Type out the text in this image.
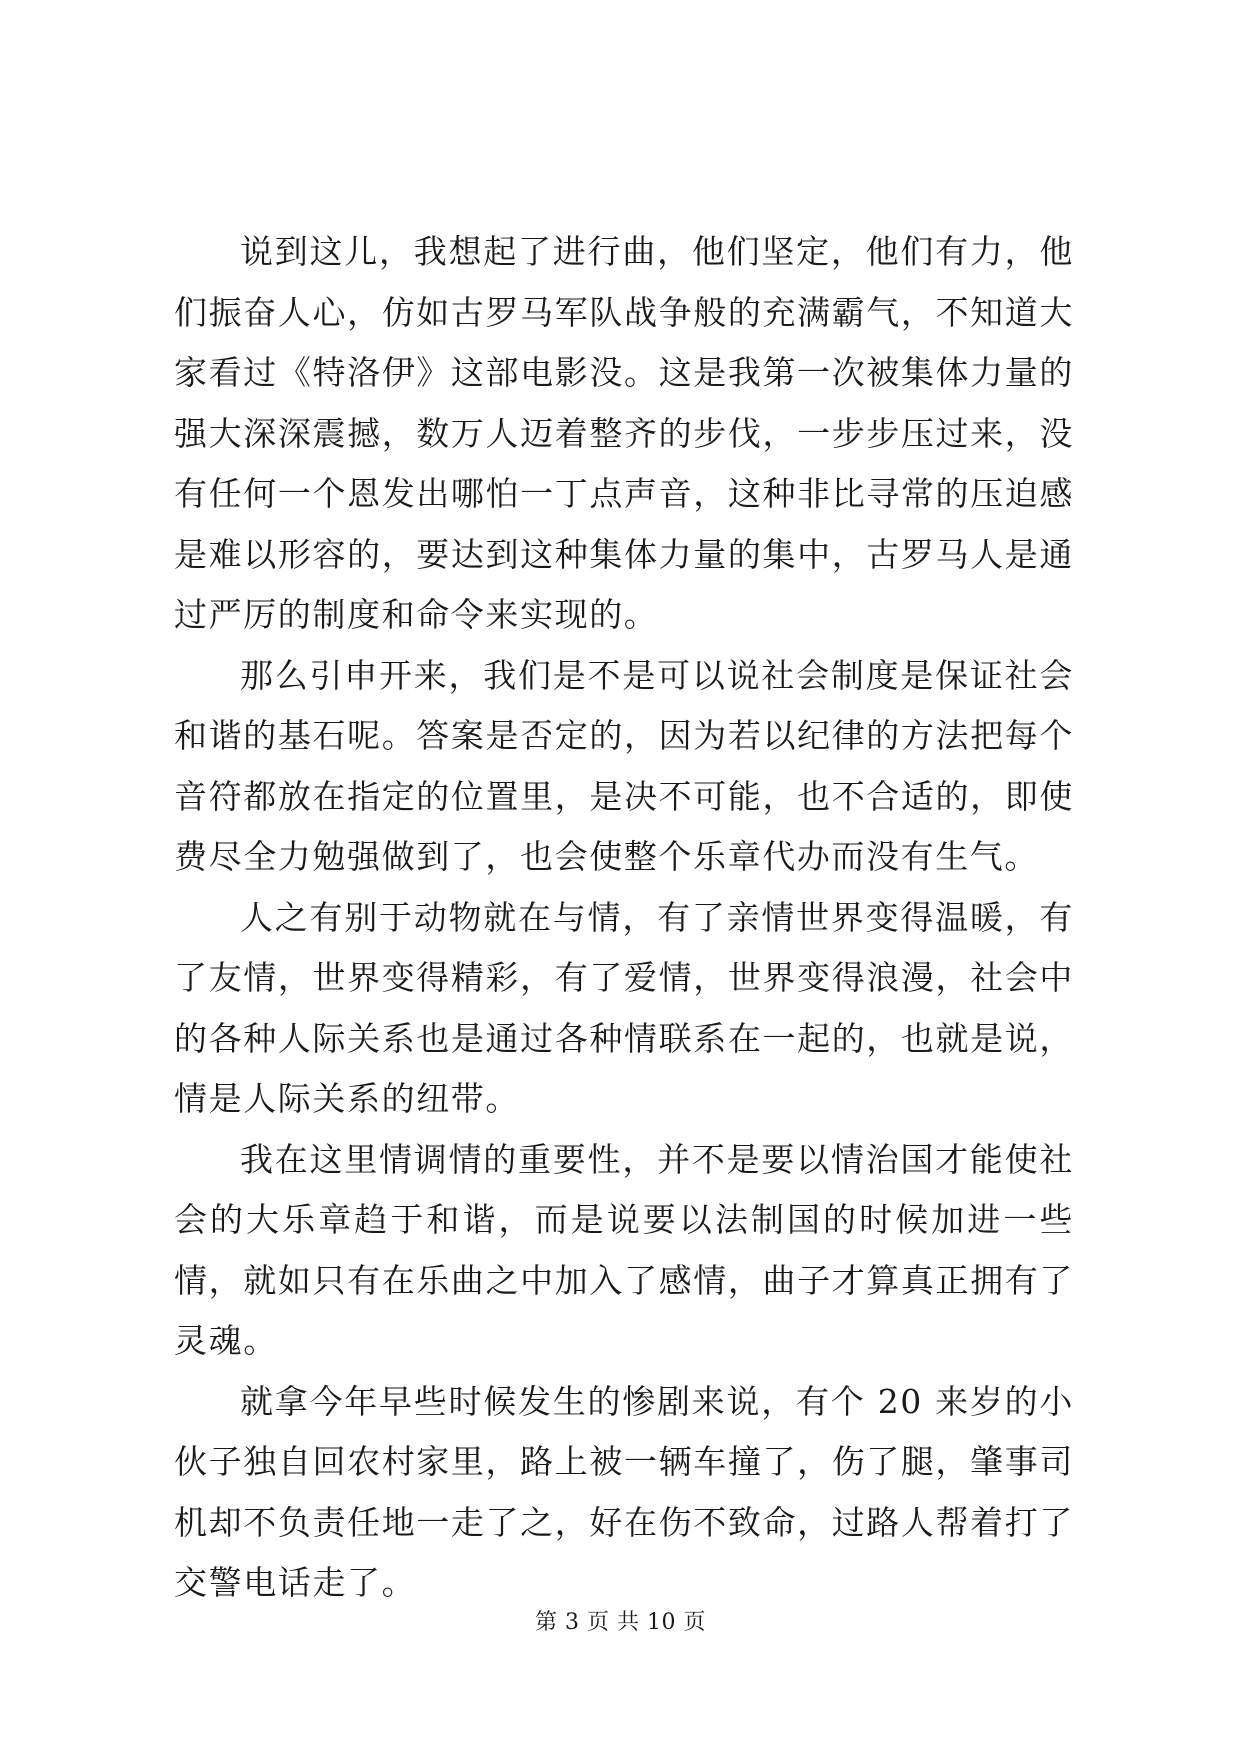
说到这儿，我想起了进行曲，他们坚定，他们有力，他们振奋人心，仿如古罗马军队战争般的充满霸气，不知道大家看过《特洛伊》这部电影没。这是我第一次被集体力量的强大深深震撼，数万人迈着整齐的步伐，一步步压过来，没有任何一个恩发出哪怕一丁点声音，这种非比寻常的压迫感是难以形容的，要达到这种集体力量的集中，古罗马人是通过严厉的制度和命令来实现的。

那么引申开来，我们是不是可以说社会制度是保证社会和谐的基石呢。答案是否定的，因为若以纪律的方法把每个音符都放在指定的位置里，是决不可能，也不合适的，即使费尽全力勉强做到了，也会使整个乐章代办而没有生气。

人之有别于动物就在与情，有了亲情世界变得温暖，有了友情，世界变得精彩，有了爱情，世界变得浪漫，社会中的各种人际关系也是通过各种情联系在一起的，也就是说，情是人际关系的纽带。

我在这里情调情的重要性，并不是要以情治国才能使社会的大乐章趋于和谐，而是说要以法制国的时候加进一些情，就如只有在乐曲之中加入了感情，曲子才算真正拥有了灵魂。

就拿今年早些时候发生的惨剧来说，有个 20 来岁的小伙子独自回农村家里，路上被一辆车撞了，伤了腿，肇事司机却不负责任地一走了之，好在伤不致命，过路人帮着打了交警电话走了。

第 3 页 共 10 页
